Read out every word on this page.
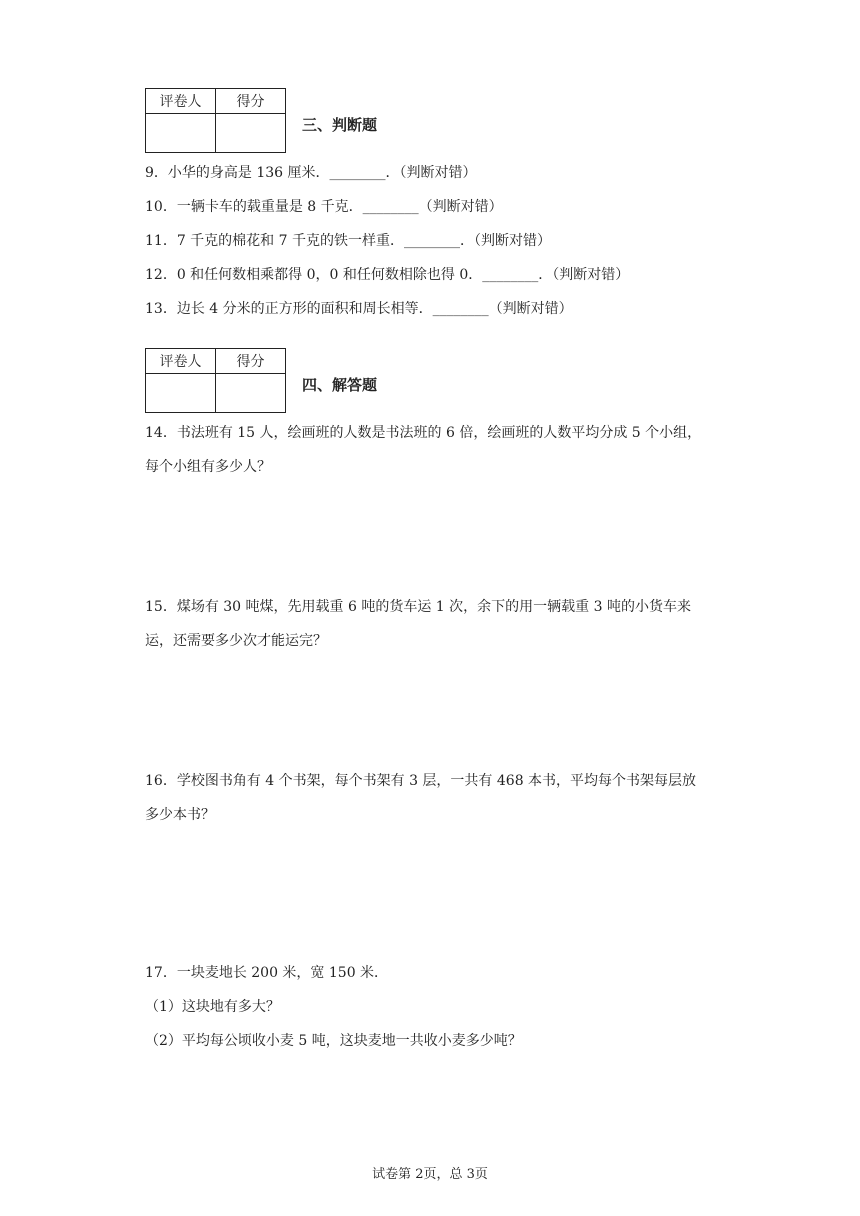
评卷人	得分

三、判断题
9．小华的身高是 136 厘米．________．（判断对错）
10．一辆卡车的载重量是 8 千克．________（判断对错）
11．7 千克的棉花和 7 千克的铁一样重．________．（判断对错）
12．0 和任何数相乘都得 0，0 和任何数相除也得 0．________．（判断对错）
13．边长 4 分米的正方形的面积和周长相等．________（判断对错）
评卷人	得分

四、解答题
14．书法班有 15 人，绘画班的人数是书法班的 6 倍，绘画班的人数平均分成 5 个小组，
每个小组有多少人？
15．煤场有 30 吨煤，先用载重 6 吨的货车运 1 次，余下的用一辆载重 3 吨的小货车来
运，还需要多少次才能运完？
16．学校图书角有 4 个书架，每个书架有 3 层，一共有 468 本书，平均每个书架每层放
多少本书？
17．一块麦地长 200 米，宽 150 米．
（1）这块地有多大？
（2）平均每公顷收小麦 5 吨，这块麦地一共收小麦多少吨？
试卷第 2页，总 3页
